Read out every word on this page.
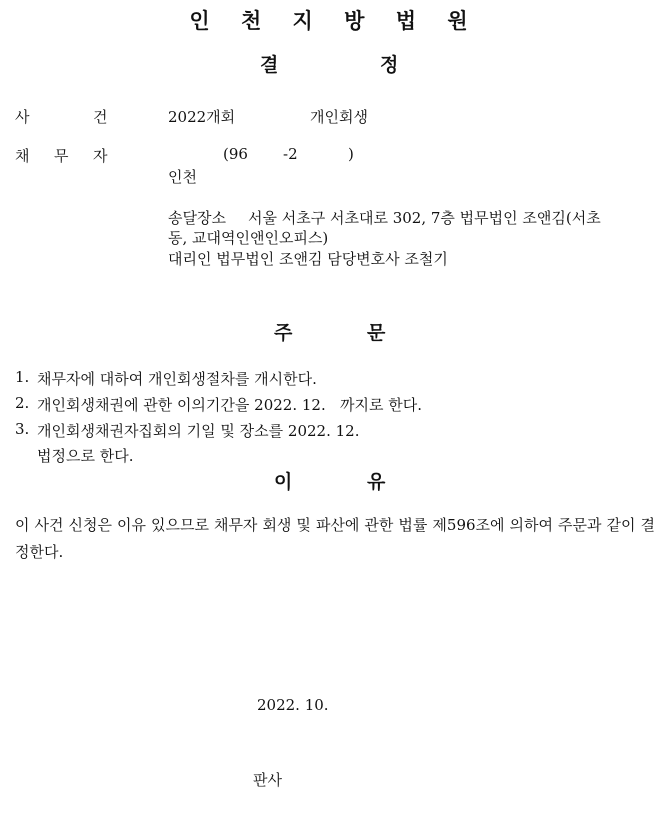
인 천 지 방 법 원
결	정
사	건	2022개회	개인회생
채 무 자	(96 -2	)
인천
송달장소 서울 서초구 서초대로 302, 7층 법무법인 조앤김(서초
동, 교대역인앤인오피스)
대리인 법무법인 조앤김 담당변호사 조철기
주	문
1. 채무자에 대하여 개인회생절차를 개시한다.
2. 개인회생채권에 관한 이의기간을 2022. 12.   까지로 한다.
3. 개인회생채권자집회의 기일 및 장소를 2022. 12.
법정으로 한다.
이	유
이 사건 신청은 이유 있으므로 채무자 회생 및 파산에 관한 법률 제596조에 의하여 주문과 같이 결정한다.
2022. 10.
판사
